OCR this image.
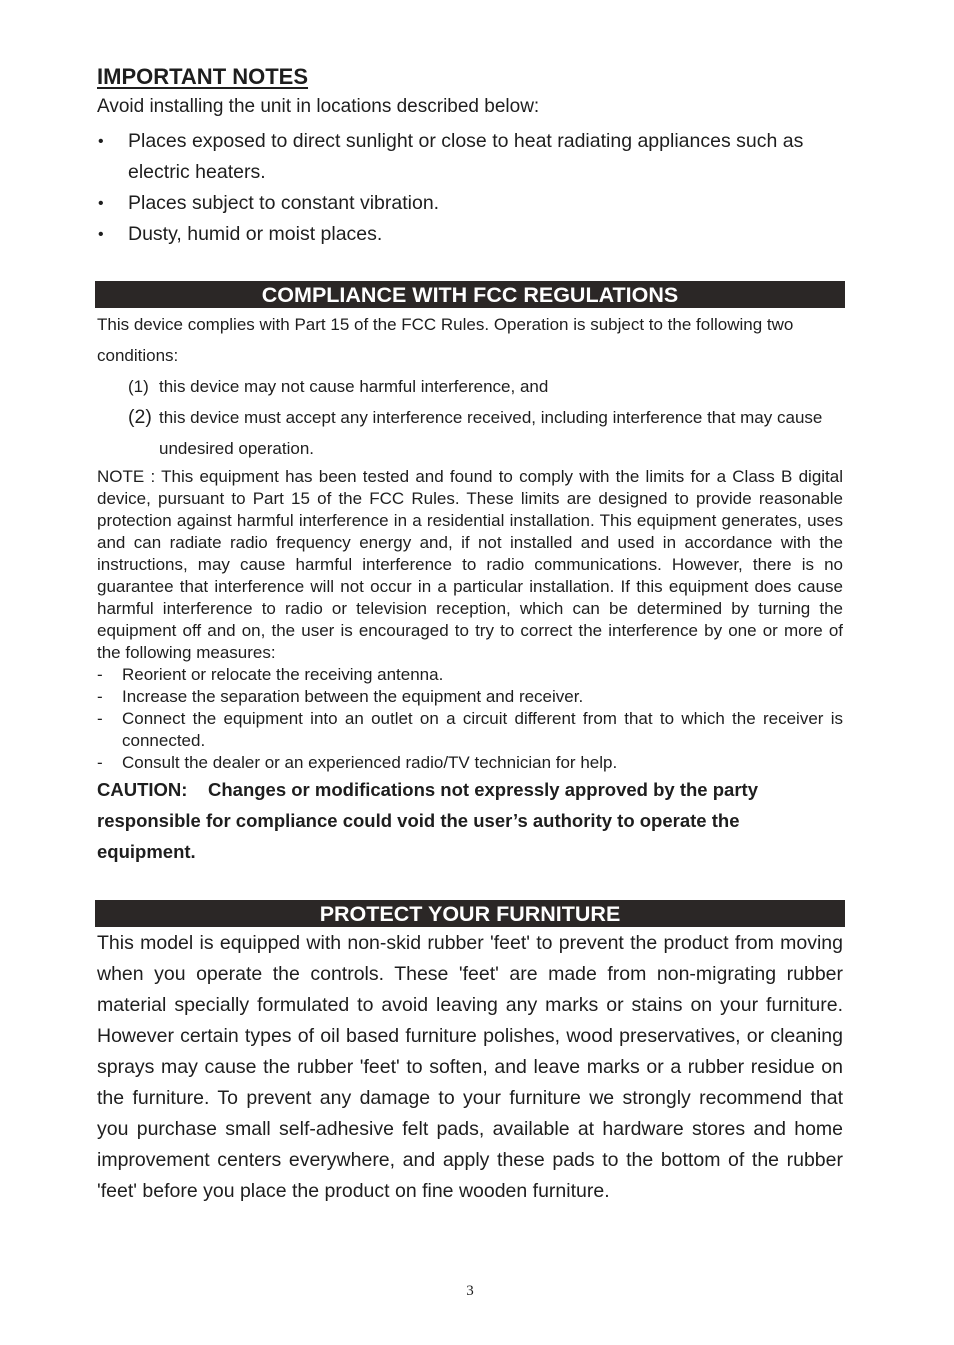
IMPORTANT NOTES

Avoid installing the unit in locations described below:

• Places exposed to direct sunlight or close to heat radiating appliances such as electric heaters.
• Places subject to constant vibration.
• Dusty, humid or moist places.
COMPLIANCE WITH FCC REGULATIONS

This device complies with Part 15 of the FCC Rules. Operation is subject to the following two conditions:

(1) this device may not cause harmful interference, and
(2) this device must accept any interference received, including interference that may cause undesired operation.

NOTE : This equipment has been tested and found to comply with the limits for a Class B digital device, pursuant to Part 15 of the FCC Rules. These limits are designed to provide reasonable protection against harmful interference in a residential installation. This equipment generates, uses and can radiate radio frequency energy and, if not installed and used in accordance with the instructions, may cause harmful interference to radio communications. However, there is no guarantee that interference will not occur in a particular installation. If this equipment does cause harmful interference to radio or television reception, which can be determined by turning the equipment off and on, the user is encouraged to try to correct the interference by one or more of the following measures:

- Reorient or relocate the receiving antenna.
- Increase the separation between the equipment and receiver.
- Connect the equipment into an outlet on a circuit different from that to which the receiver is connected.
- Consult the dealer or an experienced radio/TV technician for help.

CAUTION:    Changes or modifications not expressly approved by the party responsible for compliance could void the user’s authority to operate the equipment.

PROTECT YOUR FURNITURE

This model is equipped with non-skid rubber 'feet' to prevent the product from moving when you operate the controls. These 'feet' are made from non-migrating rubber material specially formulated to avoid leaving any marks or stains on your furniture. However certain types of oil based furniture polishes, wood preservatives, or cleaning sprays may cause the rubber 'feet' to soften, and leave marks or a rubber residue on the furniture. To prevent any damage to your furniture we strongly recommend that you purchase small self-adhesive felt pads, available at hardware stores and home improvement centers everywhere, and apply these pads to the bottom of the rubber 'feet' before you place the product on fine wooden furniture.

3
